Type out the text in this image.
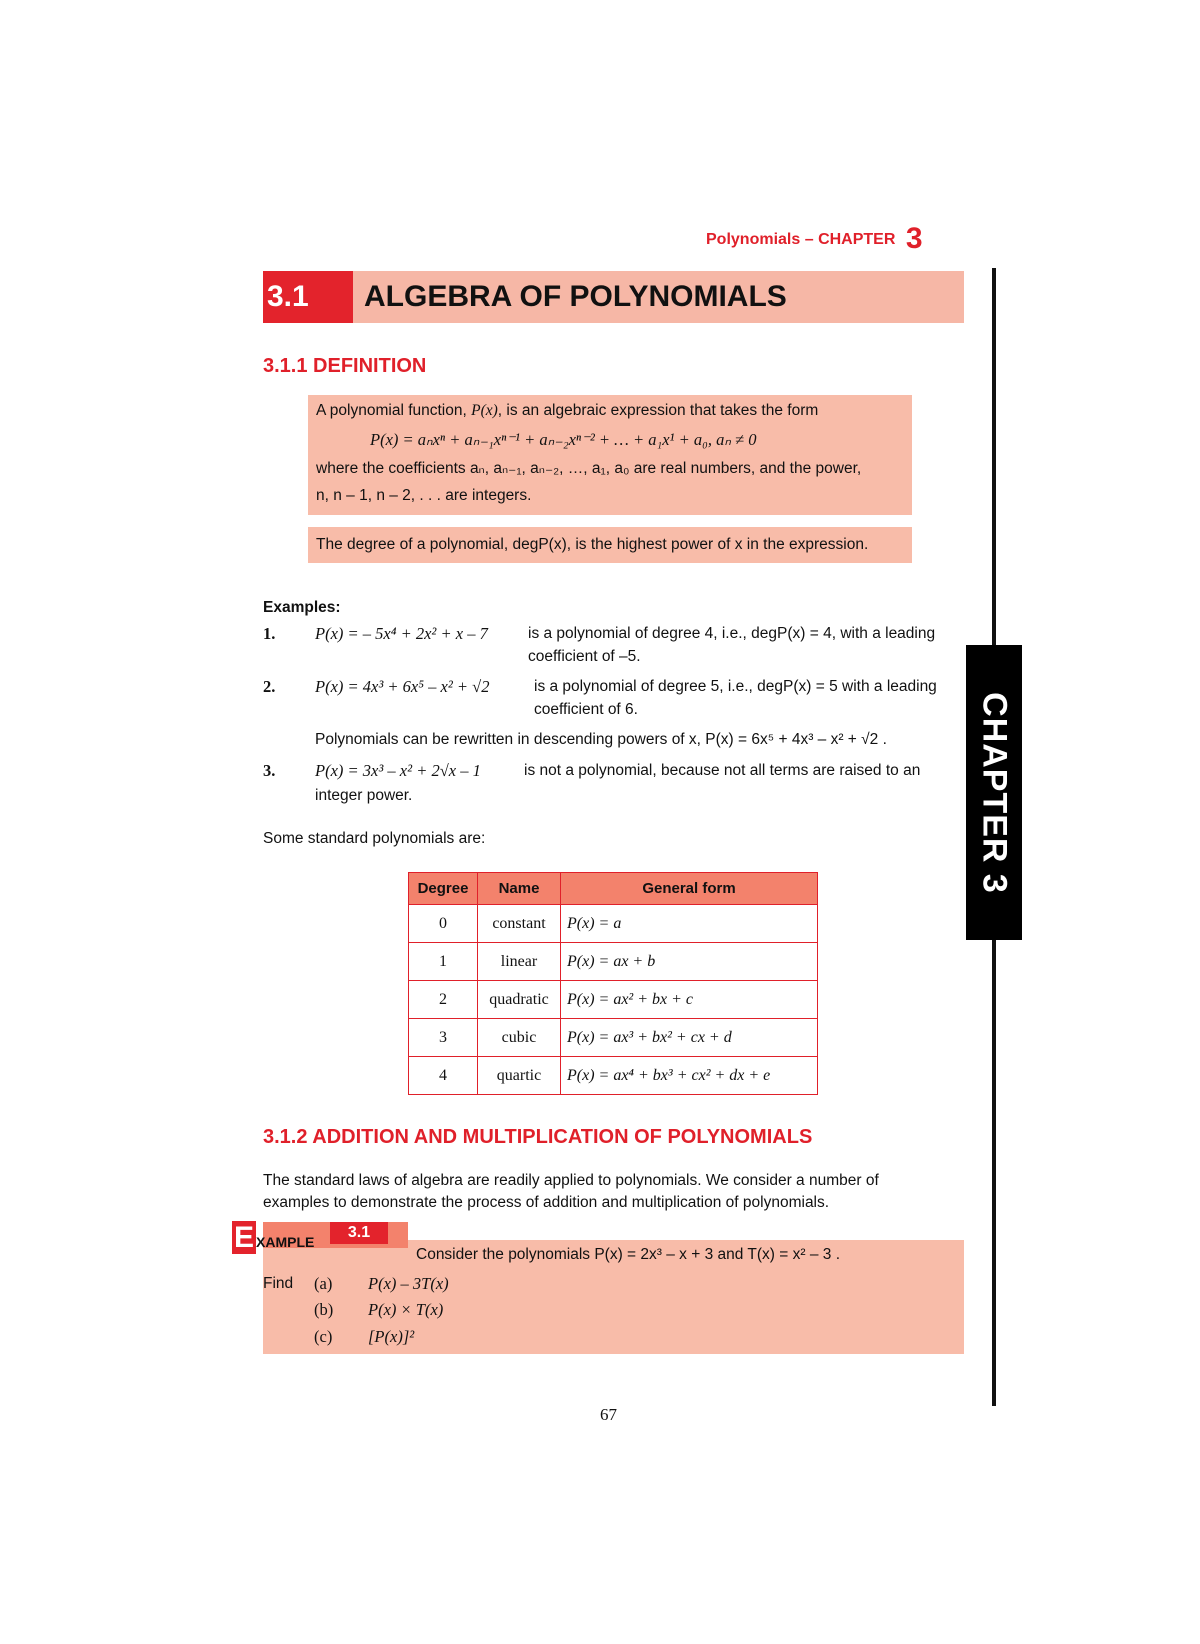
Polynomials – CHAPTER 3
CHAPTER 3
3.1	ALGEBRA OF POLYNOMIALS
3.1.1 DEFINITION
A polynomial function, P(x), is an algebraic expression that takes the form
P(x) = aₙxⁿ + aₙ₋₁xⁿ⁻¹ + aₙ₋₂xⁿ⁻² + … + a₁x¹ + a₀, aₙ ≠ 0
where the coefficients aₙ, aₙ₋₁, aₙ₋₂, …, a₁, a₀ are real numbers, and the power,
n, n – 1, n – 2, . . . are integers.
The degree of a polynomial, degP(x), is the highest power of x in the expression.
Examples:
1. P(x) = – 5x⁴ + 2x² + x – 7	is a polynomial of degree 4, i.e., degP(x) = 4, with a leading
coefficient of –5.
2. P(x) = 4x³ + 6x⁵ – x² + √2	is a polynomial of degree 5, i.e., degP(x) = 5 with a leading
coefficient of 6.
Polynomials can be rewritten in descending powers of x, P(x) = 6x⁵ + 4x³ – x² + √2 .
3. P(x) = 3x³ – x² + 2√x – 1	is not a polynomial, because not all terms are raised to an
integer power.
Some standard polynomials are:
Degree	Name	General form
0	constant	P(x) = a
1	linear	P(x) = ax + b
2	quadratic	P(x) = ax² + bx + c
3	cubic	P(x) = ax³ + bx² + cx + d
4	quartic	P(x) = ax⁴ + bx³ + cx² + dx + e
3.1.2 ADDITION AND MULTIPLICATION OF POLYNOMIALS
The standard laws of algebra are readily applied to polynomials. We consider a number of
examples to demonstrate the process of addition and multiplication of polynomials.
E XAMPLE
3.1
Consider the polynomials P(x) = 2x³ – x + 3 and T(x) = x² – 3 .
Find (a) P(x) – 3T(x)
(b) P(x) × T(x)
(c) [P(x)]²
67
